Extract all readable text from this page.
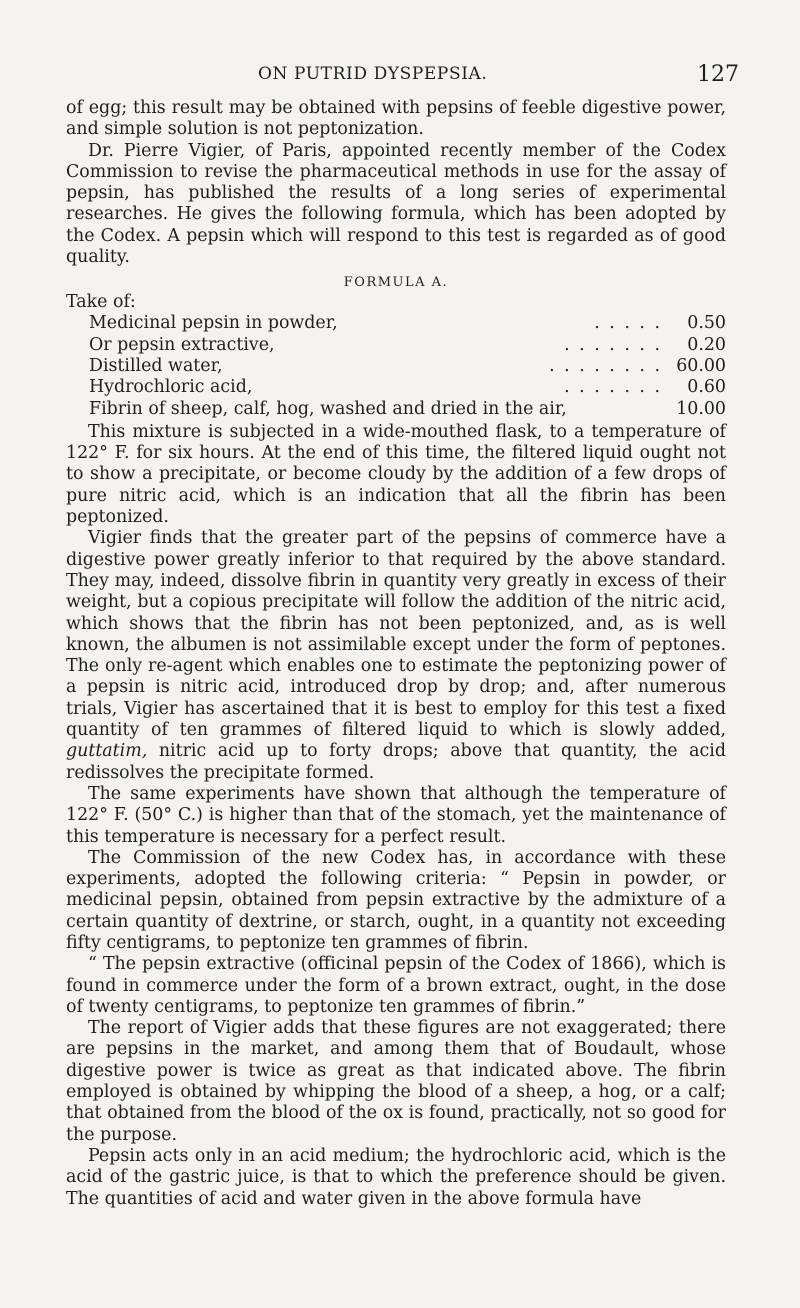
ON PUTRID DYSPEPSIA.	127

of egg; this result may be obtained with pepsins of feeble digestive power, and simple solution is not peptonization.

Dr. Pierre Vigier, of Paris, appointed recently member of the Codex Commission to revise the pharmaceutical methods in use for the assay of pepsin, has published the results of a long series of experimental researches. He gives the following formula, which has been adopted by the Codex. A pepsin which will respond to this test is regarded as of good quality.

FORMULA A.
Take of:
Medicinal pepsin in powder,	. . . . .	0.50
Or pepsin extractive,	. . . . . . .	0.20
Distilled water,	. . . . . . . . 60.00
Hydrochloric acid,	. . . . . . .	0.60
Fibrin of sheep, calf, hog, washed and dried in the air,	10.00

This mixture is subjected in a wide-mouthed flask, to a temperature of 122° F. for six hours. At the end of this time, the filtered liquid ought not to show a precipitate, or become cloudy by the addition of a few drops of pure nitric acid, which is an indication that all the fibrin has been peptonized.

Vigier finds that the greater part of the pepsins of commerce have a digestive power greatly inferior to that required by the above standard. They may, indeed, dissolve fibrin in quantity very greatly in excess of their weight, but a copious precipitate will follow the addition of the nitric acid, which shows that the fibrin has not been peptonized, and, as is well known, the albumen is not assimilable except under the form of peptones. The only re-agent which enables one to estimate the peptonizing power of a pepsin is nitric acid, introduced drop by drop; and, after numerous trials, Vigier has ascertained that it is best to employ for this test a fixed quantity of ten grammes of filtered liquid to which is slowly added, guttatim, nitric acid up to forty drops; above that quantity, the acid redissolves the precipitate formed.

The same experiments have shown that although the temperature of 122° F. (50° C.) is higher than that of the stomach, yet the maintenance of this temperature is necessary for a perfect result.

The Commission of the new Codex has, in accordance with these experiments, adopted the following criteria: “ Pepsin in powder, or medicinal pepsin, obtained from pepsin extractive by the admixture of a certain quantity of dextrine, or starch, ought, in a quantity not exceeding fifty centigrams, to peptonize ten grammes of fibrin.

“ The pepsin extractive (officinal pepsin of the Codex of 1866), which is found in commerce under the form of a brown extract, ought, in the dose of twenty centigrams, to peptonize ten grammes of fibrin.”

The report of Vigier adds that these figures are not exaggerated; there are pepsins in the market, and among them that of Boudault, whose digestive power is twice as great as that indicated above. The fibrin employed is obtained by whipping the blood of a sheep, a hog, or a calf; that obtained from the blood of the ox is found, practically, not so good for the purpose.

Pepsin acts only in an acid medium; the hydrochloric acid, which is the acid of the gastric juice, is that to which the preference should be given. The quantities of acid and water given in the above formula have
